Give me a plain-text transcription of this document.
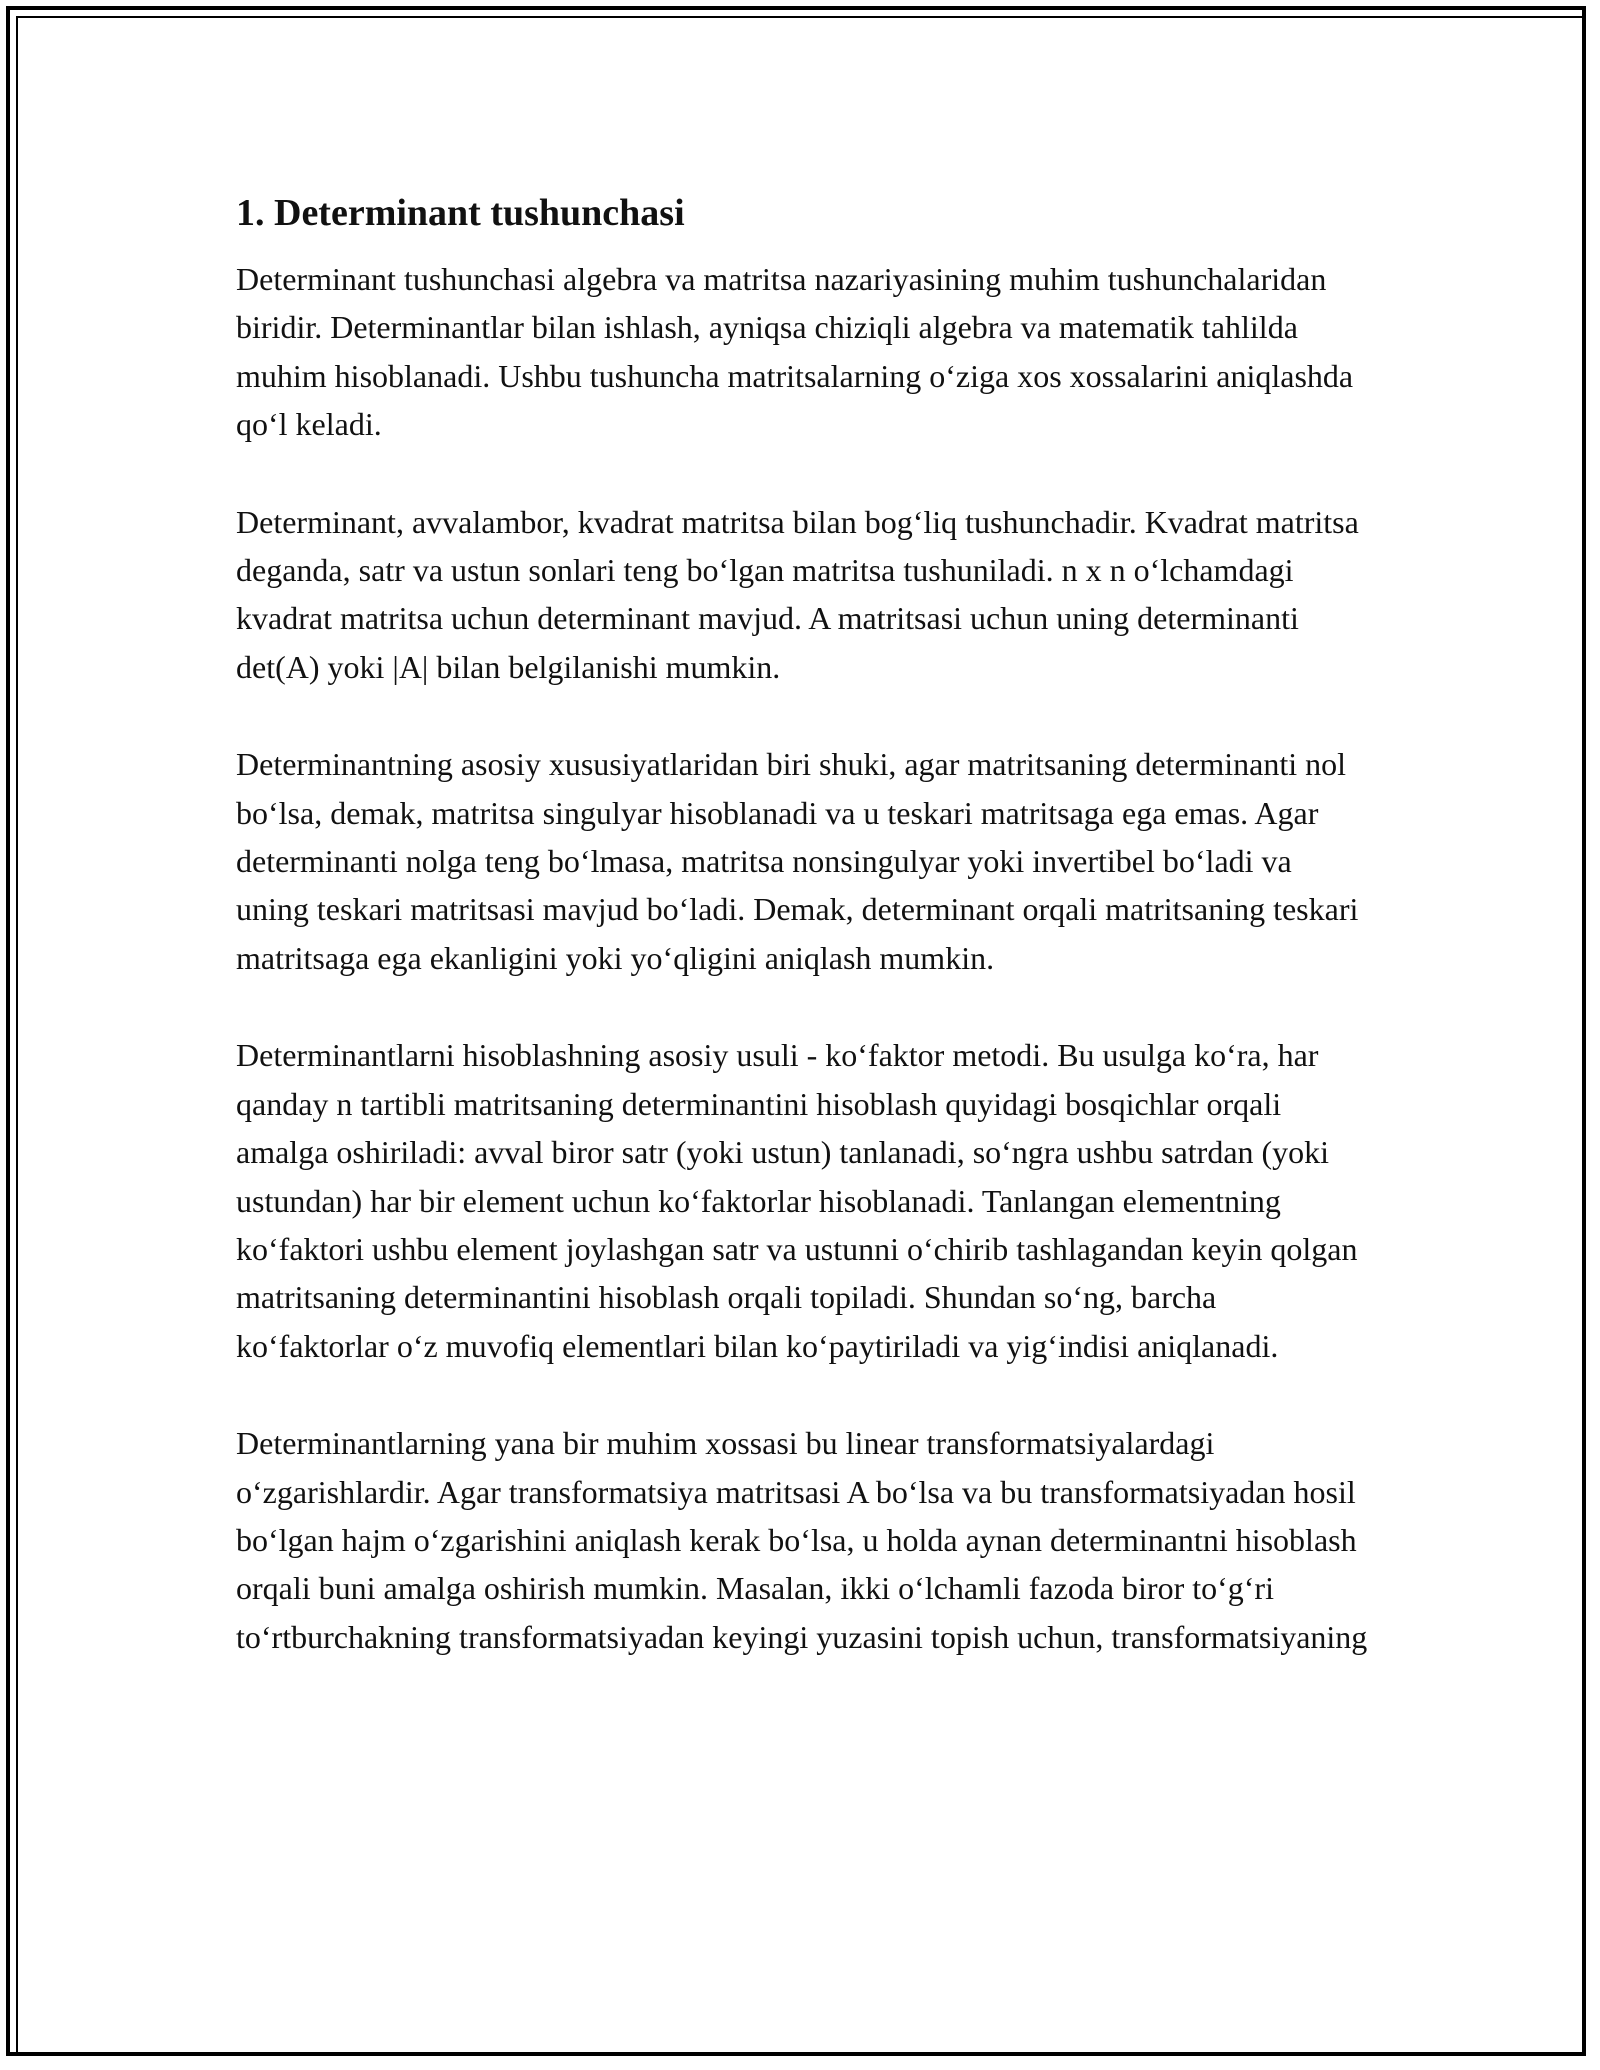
1. Determinant tushunchasi

Determinant tushunchasi algebra va matritsa nazariyasining muhim tushunchalaridan biridir. Determinantlar bilan ishlash, ayniqsa chiziqli algebra va matematik tahlilda muhim hisoblanadi. Ushbu tushuncha matritsalarning o‘ziga xos xossalarini aniqlashda qo‘l keladi.

Determinant, avvalambor, kvadrat matritsa bilan bog‘liq tushunchadir. Kvadrat matritsa deganda, satr va ustun sonlari teng bo‘lgan matritsa tushuniladi. n x n o‘lchamdagi kvadrat matritsa uchun determinant mavjud. A matritsasi uchun uning determinanti det(A) yoki |A| bilan belgilanishi mumkin.

Determinantning asosiy xususiyatlaridan biri shuki, agar matritsaning determinanti nol bo‘lsa, demak, matritsa singulyar hisoblanadi va u teskari matritsaga ega emas. Agar determinanti nolga teng bo‘lmasa, matritsa nonsingulyar yoki invertibel bo‘ladi va uning teskari matritsasi mavjud bo‘ladi. Demak, determinant orqali matritsaning teskari matritsaga ega ekanligini yoki yo‘qligini aniqlash mumkin.

Determinantlarni hisoblashning asosiy usuli - ko‘faktor metodi. Bu usulga ko‘ra, har qanday n tartibli matritsaning determinantini hisoblash quyidagi bosqichlar orqali amalga oshiriladi: avval biror satr (yoki ustun) tanlanadi, so‘ngra ushbu satrdan (yoki ustundan) har bir element uchun ko‘faktorlar hisoblanadi. Tanlangan elementning ko‘faktori ushbu element joylashgan satr va ustunni o‘chirib tashlagandan keyin qolgan matritsaning determinantini hisoblash orqali topiladi. Shundan so‘ng, barcha ko‘faktorlar o‘z muvofiq elementlari bilan ko‘paytiriladi va yig‘indisi aniqlanadi.

Determinantlarning yana bir muhim xossasi bu linear transformatsiyalardagi o‘zgarishlardir. Agar transformatsiya matritsasi A bo‘lsa va bu transformatsiyadan hosil bo‘lgan hajm o‘zgarishini aniqlash kerak bo‘lsa, u holda aynan determinantni hisoblash orqali buni amalga oshirish mumkin. Masalan, ikki o‘lchamli fazoda biror to‘g‘ri to‘rtburchakning transformatsiyadan keyingi yuzasini topish uchun, transformatsiyaning
